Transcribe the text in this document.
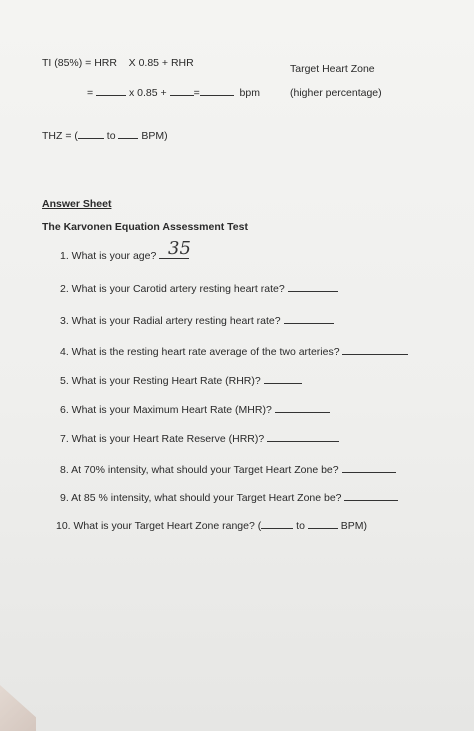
TI (85%) = HRR X 0.85 + RHR
=	x 0.85 +	=	bpm
Target Heart Zone
(higher percentage)
THZ = (	to BPM)
Answer Sheet
The Karvonen Equation Assessment Test
1. What is your age? 35
2. What is your Carotid artery resting heart rate?
3. What is your Radial artery resting heart rate?
4. What is the resting heart rate average of the two arteries?
5. What is your Resting Heart Rate (RHR)?
6. What is your Maximum Heart Rate (MHR)?
7. What is your Heart Rate Reserve (HRR)?
8. At 70% intensity, what should your Target Heart Zone be?
9. At 85 % intensity, what should your Target Heart Zone be?
10. What is your Target Heart Zone range? (	to	BPM)
